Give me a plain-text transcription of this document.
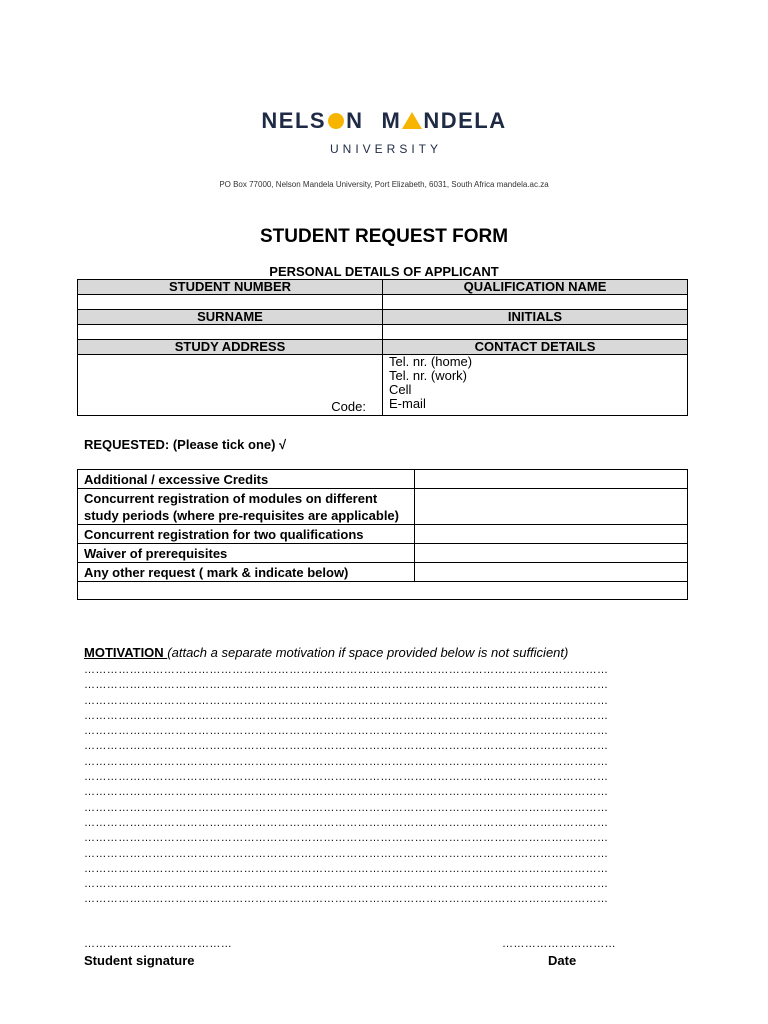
NELS N M NDELA
UNIVERSITY
PO Box 77000, Nelson Mandela University, Port Elizabeth, 6031, South Africa mandela.ac.za
STUDENT REQUEST FORM
PERSONAL DETAILS OF APPLICANT
STUDENT NUMBER	QUALIFICATION NAME

SURNAME	INITIALS

STUDY ADDRESS	CONTACT DETAILS

Code:	Tel. nr. (home)
Tel. nr. (work)
Cell
E-mail
REQUESTED: (Please tick one) √
Additional / excessive Credits	
Concurrent registration of modules on different study periods (where pre-requisites are applicable)	
Concurrent registration for two qualifications	
Waiver of prerequisites	
Any other request ( mark & indicate below)	

MOTIVATION (attach a separate motivation if space provided below is not sufficient)
…………………………………………………………………………………………………………………………
…………………………………………………………………………………………………………………………
…………………………………………………………………………………………………………………………
…………………………………………………………………………………………………………………………
…………………………………………………………………………………………………………………………
…………………………………………………………………………………………………………………………
…………………………………………………………………………………………………………………………
…………………………………………………………………………………………………………………………
…………………………………………………………………………………………………………………………
…………………………………………………………………………………………………………………………
…………………………………………………………………………………………………………………………
…………………………………………………………………………………………………………………………
…………………………………………………………………………………………………………………………
…………………………………………………………………………………………………………………………
…………………………………………………………………………………………………………………………
…………………………………………………………………………………………………………………………
…………………………………	…………………………
Student signature	Date
